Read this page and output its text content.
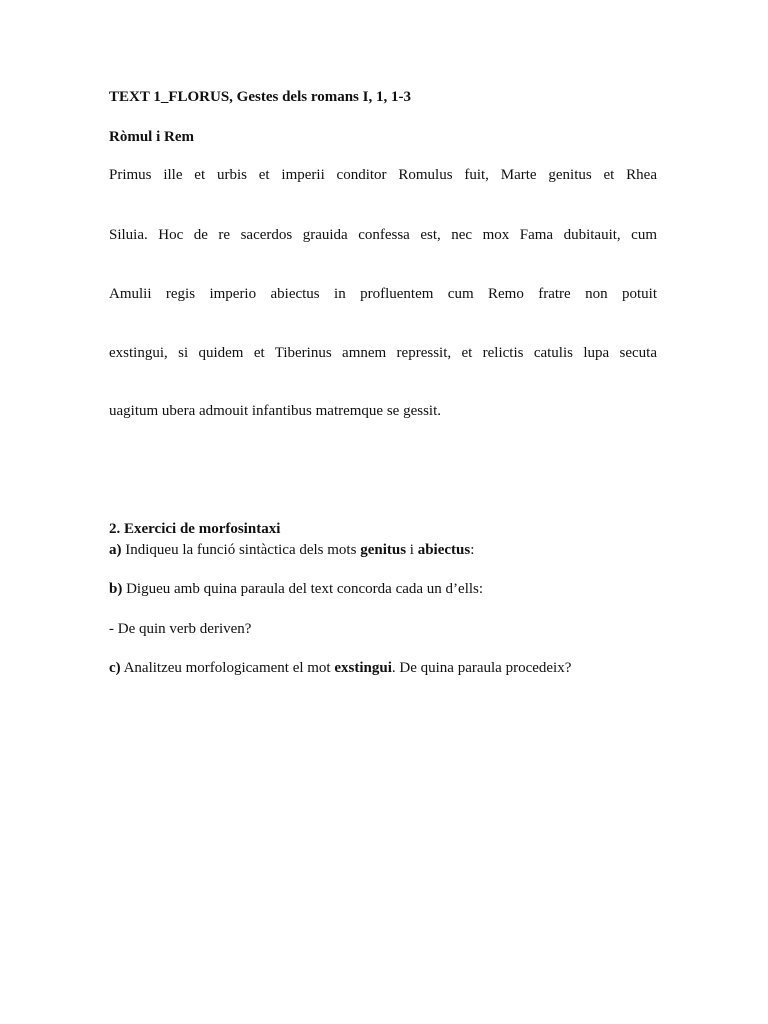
TEXT 1_FLORUS, Gestes dels romans I, 1, 1-3
Ròmul i Rem
Primus ille et urbis et imperii conditor Romulus fuit, Marte genitus et Rhea
Siluia. Hoc de re sacerdos grauida confessa est, nec mox Fama dubitauit, cum
Amulii regis imperio abiectus in profluentem cum Remo fratre non potuit
exstingui, si quidem et Tiberinus amnem repressit, et relictis catulis lupa secuta
uagitum ubera admouit infantibus matremque se gessit.
2. Exercici de morfosintaxi
a) Indiqueu la funció sintàctica dels mots genitus i abiectus:
b) Digueu amb quina paraula del text concorda cada un d’ells:
- De quin verb deriven?
c) Analitzeu morfologicament el mot exstingui. De quina paraula procedeix?
